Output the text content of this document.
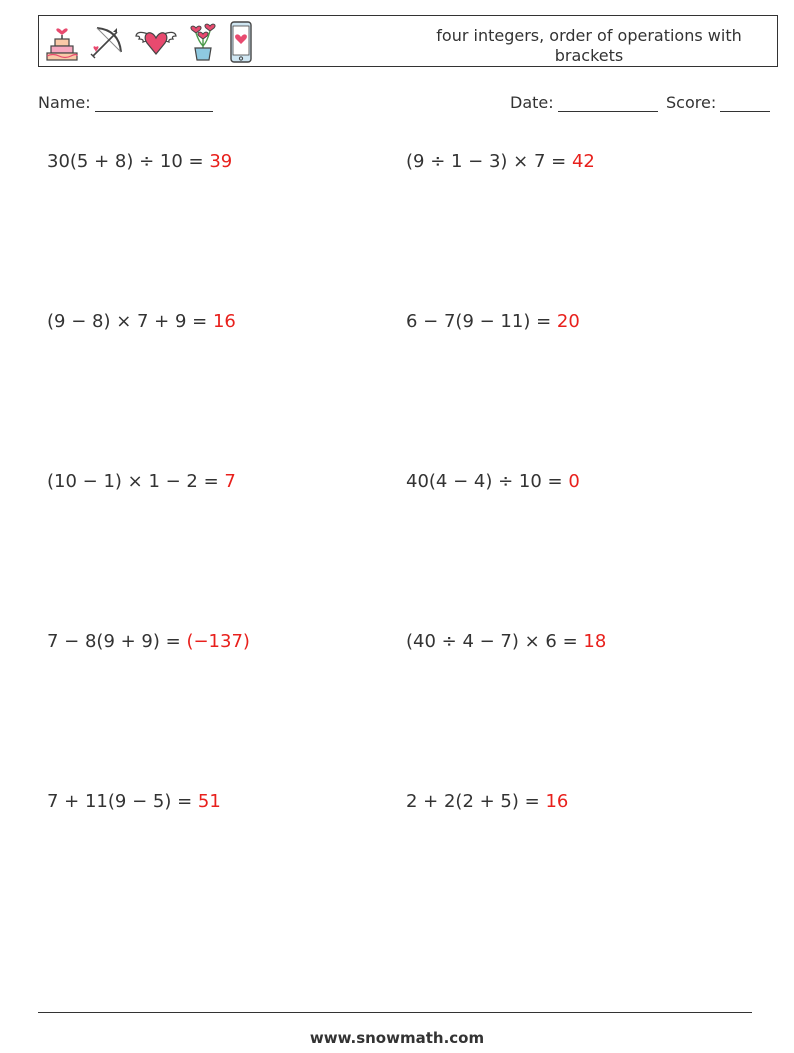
four integers, order of operations with brackets
Name:	Date:	Score:
30(5 + 8) ÷ 10 = 39	(9 ÷ 1 − 3) × 7 = 42
(9 − 8) × 7 + 9 = 16	6 − 7(9 − 11) = 20
(10 − 1) × 1 − 2 = 7	40(4 − 4) ÷ 10 = 0
7 − 8(9 + 9) = (−137)	(40 ÷ 4 − 7) × 6 = 18
7 + 11(9 − 5) = 51	2 + 2(2 + 5) = 16
www.snowmath.com
